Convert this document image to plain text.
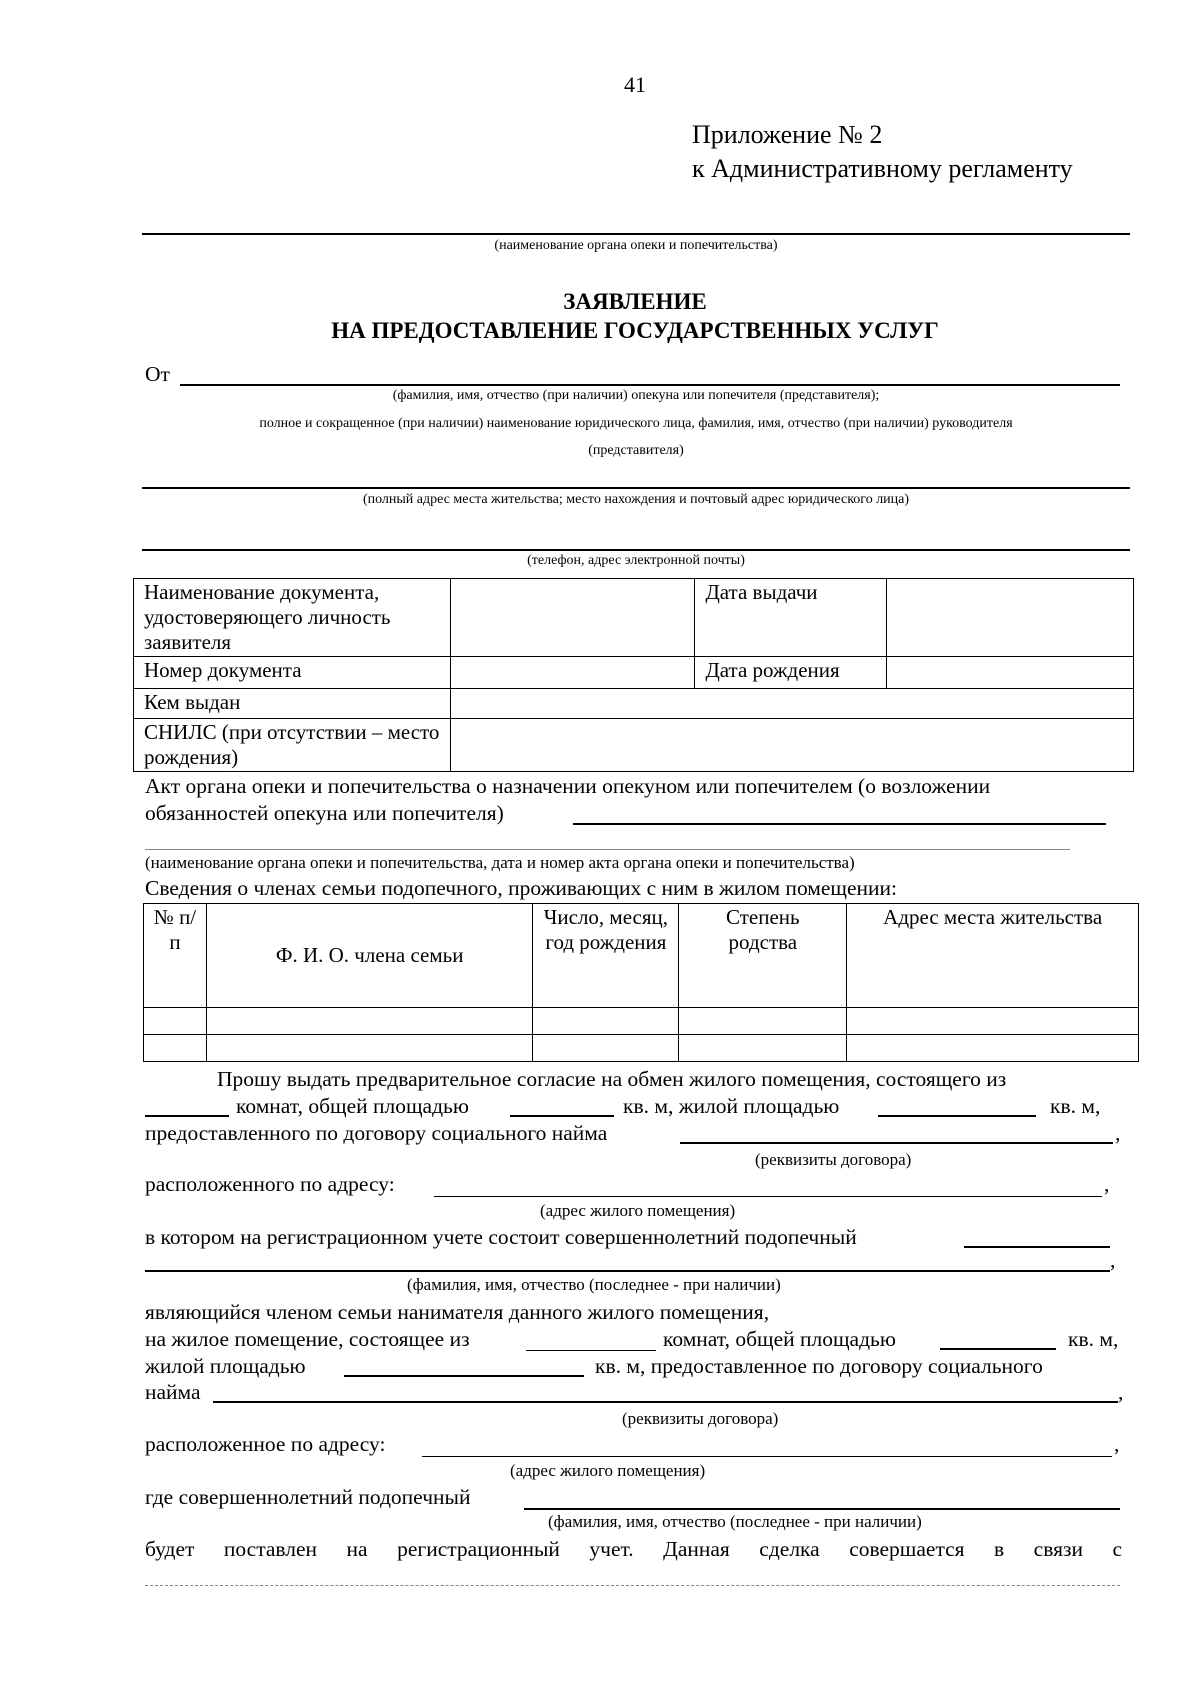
41
Приложение № 2
к Административному регламенту
(наименование органа опеки и попечительства)
ЗАЯВЛЕНИЕ
НА ПРЕДОСТАВЛЕНИЕ ГОСУДАРСТВЕННЫХ УСЛУГ
От
(фамилия, имя, отчество (при наличии) опекуна или попечителя (представителя);
полное и сокращенное (при наличии) наименование юридического лица, фамилия, имя, отчество (при наличии) руководителя
(представителя)
(полный адрес места жительства; место нахождения и почтовый адрес юридического лица)
(телефон, адрес электронной почты)
Наименование документа, удостоверяющего личность заявителя		Дата выдачи	
Номер документа		Дата рождения	
Кем выдан			
СНИЛС (при отсутствии – место рождения)			
Акт органа опеки и попечительства о назначении опекуном или попечителем (о возложении
обязанностей опекуна или попечителя)
(наименование органа опеки и попечительства, дата и номер акта органа опеки и попечительства)
Сведения о членах семьи подопечного, проживающих с ним в жилом помещении:
№ п/п	Ф. И. О. члена семьи	Число, месяц, год рождения	Степень родства	Адрес места жительства

Прошу выдать предварительное согласие на обмен жилого помещения, состоящего из
комнат, общей площадью	кв. м, жилой площадью	кв. м,
предоставленного по договору социального найма	,
(реквизиты договора)
расположенного по адресу:	,
(адрес жилого помещения)
в котором на регистрационном учете состоит совершеннолетний подопечный
,
(фамилия, имя, отчество (последнее - при наличии)
являющийся членом семьи нанимателя данного жилого помещения,
на жилое помещение, состоящее из	комнат, общей площадью	кв. м,
жилой площадью	кв. м, предоставленное по договору социального
найма	,
(реквизиты договора)
расположенное по адресу:	,
(адрес жилого помещения)
где совершеннолетний подопечный
(фамилия, имя, отчество (последнее - при наличии)
будет поставлен на регистрационный учет. Данная сделка совершается в связи с
